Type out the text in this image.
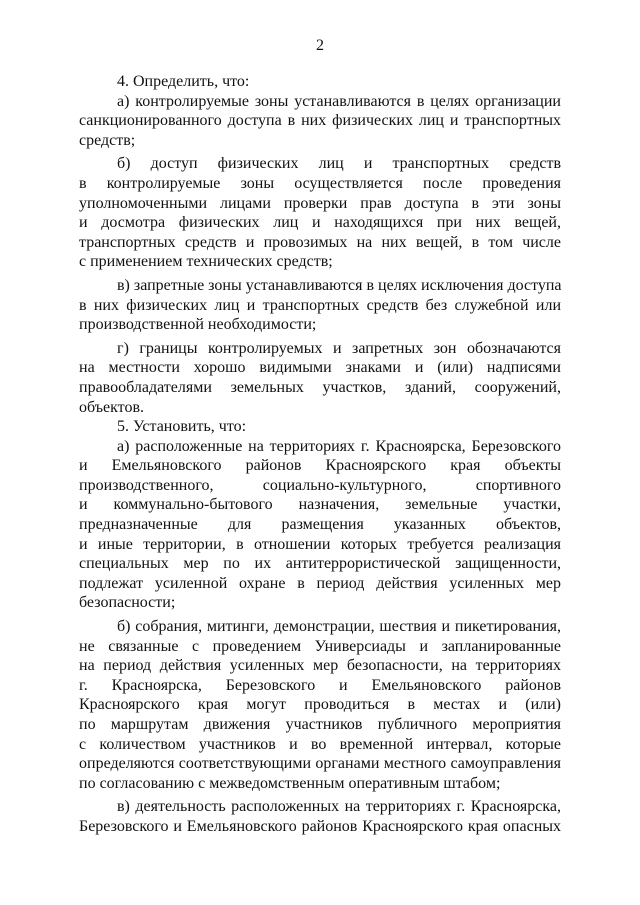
2
4. Определить, что:
а) контролируемые зоны устанавливаются в целях организации
санкционированного доступа в них физических лиц и транспортных
средств;
б) доступ физических лиц и транспортных средств
в контролируемые зоны осуществляется после проведения
уполномоченными лицами проверки прав доступа в эти зоны
и досмотра физических лиц и находящихся при них вещей,
транспортных средств и провозимых на них вещей, в том числе
с применением технических средств;
в) запретные зоны устанавливаются в целях исключения доступа
в них физических лиц и транспортных средств без служебной или
производственной необходимости;
г) границы контролируемых и запретных зон обозначаются
на местности хорошо видимыми знаками и (или) надписями
правообладателями земельных участков, зданий, сооружений,
объектов.
5. Установить, что:
а) расположенные на территориях г. Красноярска, Березовского
и Емельяновского районов Красноярского края объекты
производственного, социально-культурного, спортивного
и коммунально-бытового назначения, земельные участки,
предназначенные для размещения указанных объектов,
и иные территории, в отношении которых требуется реализация
специальных мер по их антитеррористической защищенности,
подлежат усиленной охране в период действия усиленных мер
безопасности;
б) собрания, митинги, демонстрации, шествия и пикетирования,
не связанные с проведением Универсиады и запланированные
на период действия усиленных мер безопасности, на территориях
г. Красноярска, Березовского и Емельяновского районов
Красноярского края могут проводиться в местах и (или)
по маршрутам движения участников публичного мероприятия
с количеством участников и во временной интервал, которые
определяются соответствующими органами местного самоуправления
по согласованию с межведомственным оперативным штабом;
в) деятельность расположенных на территориях г. Красноярска,
Березовского и Емельяновского районов Красноярского края опасных
